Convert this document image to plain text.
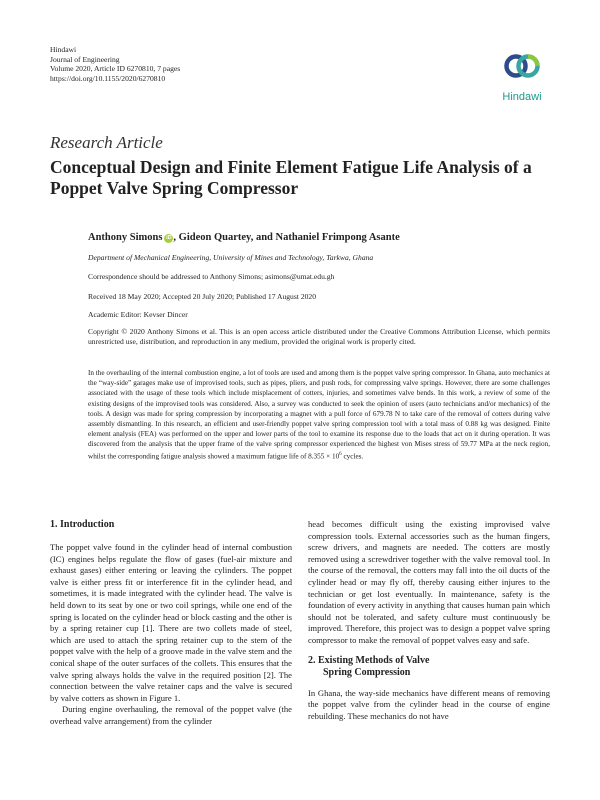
Hindawi
Journal of Engineering
Volume 2020, Article ID 6270810, 7 pages
https://doi.org/10.1155/2020/6270810
Hindawi
Research Article
Conceptual Design and Finite Element Fatigue Life Analysis of a Poppet Valve Spring Compressor
Anthony Simons iD , Gideon Quartey, and Nathaniel Frimpong Asante
Department of Mechanical Engineering, University of Mines and Technology, Tarkwa, Ghana
Correspondence should be addressed to Anthony Simons; asimons@umat.edu.gh
Received 18 May 2020; Accepted 20 July 2020; Published 17 August 2020
Academic Editor: Kevser Dincer

Copyright © 2020 Anthony Simons et al. This is an open access article distributed under the Creative Commons Attribution License, which permits unrestricted use, distribution, and reproduction in any medium, provided the original work is properly cited.

In the overhauling of the internal combustion engine, a lot of tools are used and among them is the poppet valve spring compressor. In Ghana, auto mechanics at the “way-side” garages make use of improvised tools, such as pipes, pliers, and push rods, for compressing valve springs. However, there are some challenges associated with the usage of these tools which include misplacement of cotters, injuries, and sometimes valve bends. In this work, a review of some of the existing designs of the improvised tools was considered. Also, a survey was conducted to seek the opinion of users (auto technicians and/or mechanics) of the tools. A design was made for spring compression by incorporating a magnet with a pull force of 679.78 N to take care of the removal of cotters during valve assembly dismantling. In this research, an efficient and user-friendly poppet valve spring compression tool with a total mass of 0.88 kg was designed. Finite element analysis (FEA) was performed on the upper and lower parts of the tool to examine its response due to the loads that act on it during operation. It was discovered from the analysis that the upper frame of the valve spring compressor experienced the highest von Mises stress of 59.77 MPa at the neck region, whilst the corresponding fatigue analysis showed a maximum fatigue life of $8.355 \times 10^6$ cycles.

1. Introduction

The poppet valve found in the cylinder head of internal combustion (IC) engines helps regulate the flow of gases (fuel-air mixture and exhaust gases) either entering or leaving the cylinders. The poppet valve is either press fit or interference fit in the cylinder head, and sometimes, it is made integrated with the cylinder head. The valve is held down to its seat by one or two coil springs, while one end of the spring is located on the cylinder head or block casting and the other is by a spring retainer cup [1]. There are two collets made of steel, which are used to attach the spring retainer cup to the stem of the poppet valve with the help of a groove made in the valve stem and the conical shape of the outer surfaces of the collets. This ensures that the valve spring always holds the valve in the required position [2]. The connection between the valve retainer caps and the valve is secured by valve cotters as shown in Figure 1.

During engine overhauling, the removal of the poppet valve (the overhead valve arrangement) from the cylinder

head becomes difficult using the existing improvised valve compression tools. External accessories such as the human fingers, screw drivers, and magnets are needed. The cotters are mostly removed using a screwdriver together with the valve removal tool. In the course of the removal, the cotters may fall into the oil ducts of the cylinder head or may fly off, thereby causing either injures to the technician or get lost eventually. In maintenance, safety is the foundation of every activity in anything that causes human pain which should not be tolerated, and safety culture must continuously be improved. Therefore, this project was to design a poppet valve spring compressor to make the removal of poppet valves easy and safe.

2. Existing Methods of Valve
Spring Compression

In Ghana, the way-side mechanics have different means of removing the poppet valve from the cylinder head in the course of engine rebuilding. These mechanics do not have
